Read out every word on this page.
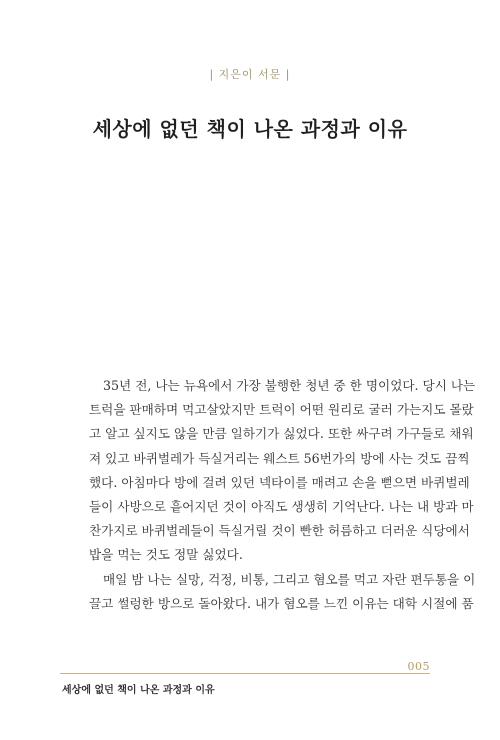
| 지은이 서문 |
세상에 없던 책이 나온 과정과 이유
35년 전, 나는 뉴욕에서 가장 불행한 청년 중 한 명이었다. 당시 나는
트럭을 판매하며 먹고살았지만 트럭이 어떤 원리로 굴러 가는지도 몰랐
고 알고 싶지도 않을 만큼 일하기가 싫었다. 또한 싸구려 가구들로 채워
져 있고 바퀴벌레가 득실거리는 웨스트 56번가의 방에 사는 것도 끔찍
했다. 아침마다 방에 걸려 있던 넥타이를 매려고 손을 뻗으면 바퀴벌레
들이 사방으로 흩어지던 것이 아직도 생생히 기억난다. 나는 내 방과 마
찬가지로 바퀴벌레들이 득실거릴 것이 빤한 허름하고 더러운 식당에서
밥을 먹는 것도 정말 싫었다.
매일 밤 나는 실망, 걱정, 비통, 그리고 혐오를 먹고 자란 편두통을 이
끌고 썰렁한 방으로 돌아왔다. 내가 혐오를 느낀 이유는 대학 시절에 품
005
세상에 없던 책이 나온 과정과 이유
